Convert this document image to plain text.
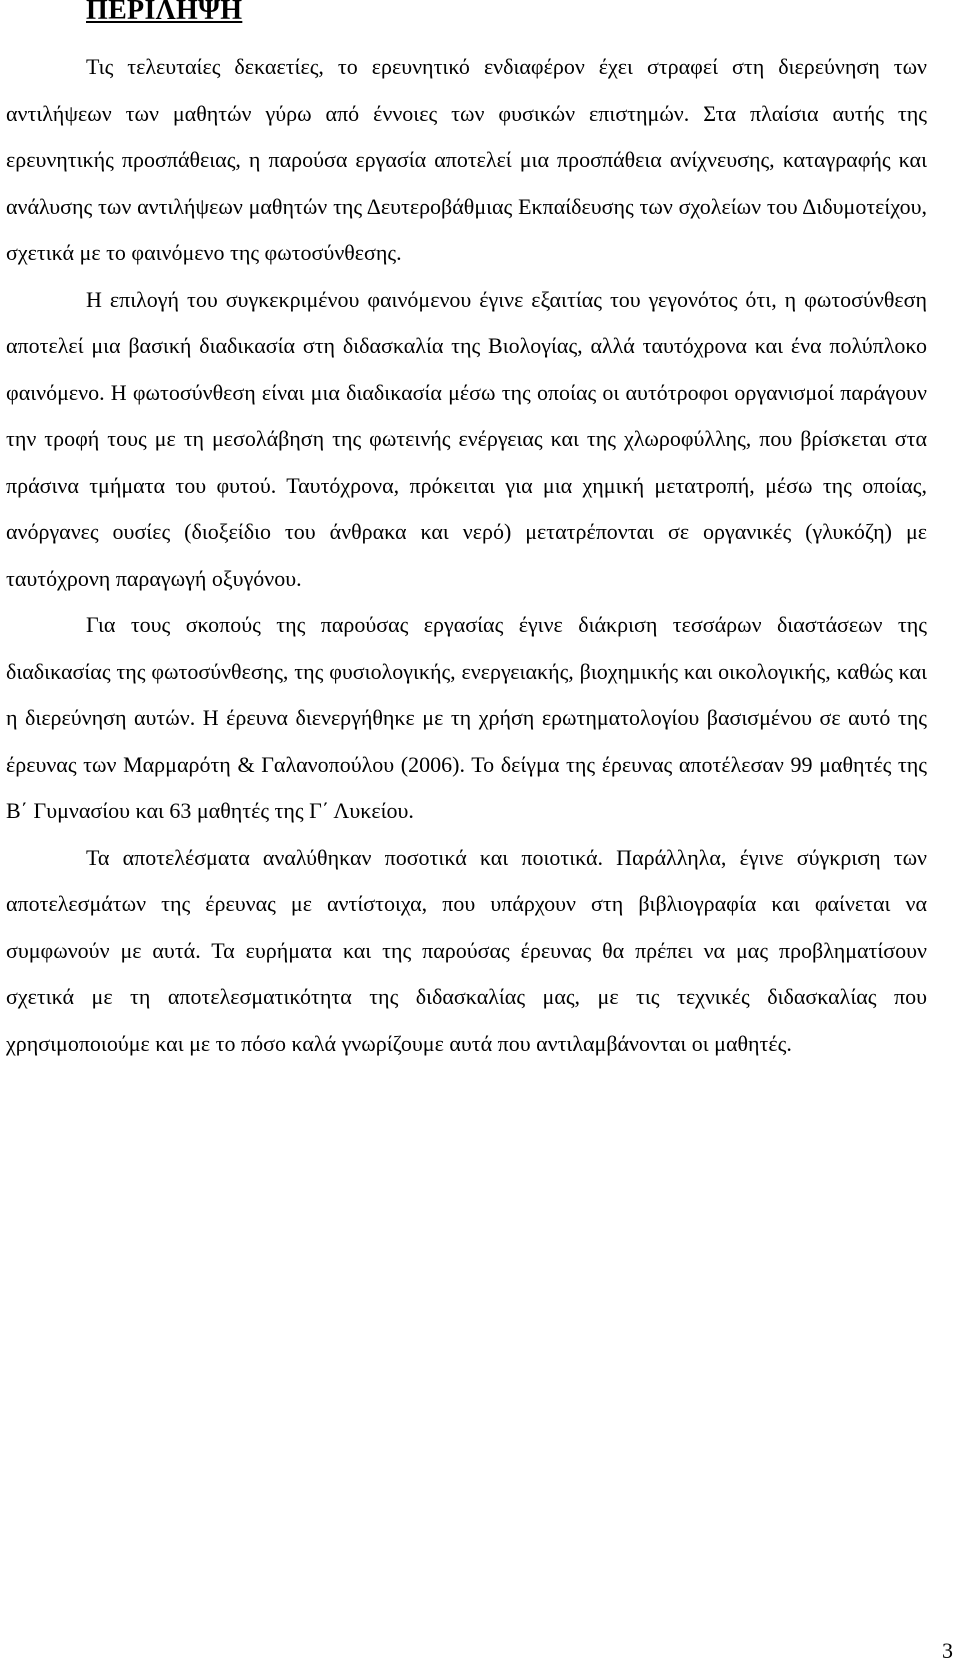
ΠΕΡΙΛΗΨΗ

Τις τελευταίες δεκαετίες, το ερευνητικό ενδιαφέρον έχει στραφεί στη διερεύνηση των αντιλήψεων των μαθητών γύρω από έννοιες των φυσικών επιστημών. Στα πλαίσια αυτής της ερευνητικής προσπάθειας, η παρούσα εργασία αποτελεί μια προσπάθεια ανίχνευσης, καταγραφής και ανάλυσης των αντιλήψεων μαθητών της Δευτεροβάθμιας Εκπαίδευσης των σχολείων του Διδυμοτείχου, σχετικά με το φαινόμενο της φωτοσύνθεσης.

Η επιλογή του συγκεκριμένου φαινόμενου έγινε εξαιτίας του γεγονότος ότι, η φωτοσύνθεση αποτελεί μια βασική διαδικασία στη διδασκαλία της Βιολογίας, αλλά ταυτόχρονα και ένα πολύπλοκο φαινόμενο. Η φωτοσύνθεση είναι μια διαδικασία μέσω της οποίας οι αυτότροφοι οργανισμοί παράγουν την τροφή τους με τη μεσολάβηση της φωτεινής ενέργειας και της χλωροφύλλης, που βρίσκεται στα πράσινα τμήματα του φυτού. Ταυτόχρονα, πρόκειται για μια χημική μετατροπή, μέσω της οποίας, ανόργανες ουσίες (διοξείδιο του άνθρακα και νερό) μετατρέπονται σε οργανικές (γλυκόζη) με ταυτόχρονη παραγωγή οξυγόνου.

Για τους σκοπούς της παρούσας εργασίας έγινε διάκριση τεσσάρων διαστάσεων της διαδικασίας της φωτοσύνθεσης, της φυσιολογικής, ενεργειακής, βιοχημικής και οικολογικής, καθώς και η διερεύνηση αυτών. Η έρευνα διενεργήθηκε με τη χρήση ερωτηματολογίου βασισμένου σε αυτό της έρευνας των Μαρμαρότη & Γαλανοπούλου (2006). Το δείγμα της έρευνας αποτέλεσαν 99 μαθητές της Β΄ Γυμνασίου και 63 μαθητές της Γ΄ Λυκείου.

Τα αποτελέσματα αναλύθηκαν ποσοτικά και ποιοτικά. Παράλληλα, έγινε σύγκριση των αποτελεσμάτων της έρευνας με αντίστοιχα, που υπάρχουν στη βιβλιογραφία και φαίνεται να συμφωνούν με αυτά. Τα ευρήματα και της παρούσας έρευνας θα πρέπει να μας προβληματίσουν σχετικά με τη αποτελεσματικότητα της διδασκαλίας μας, με τις τεχνικές διδασκαλίας που χρησιμοποιούμε και με το πόσο καλά γνωρίζουμε αυτά που αντιλαμβάνονται οι μαθητές.

3
